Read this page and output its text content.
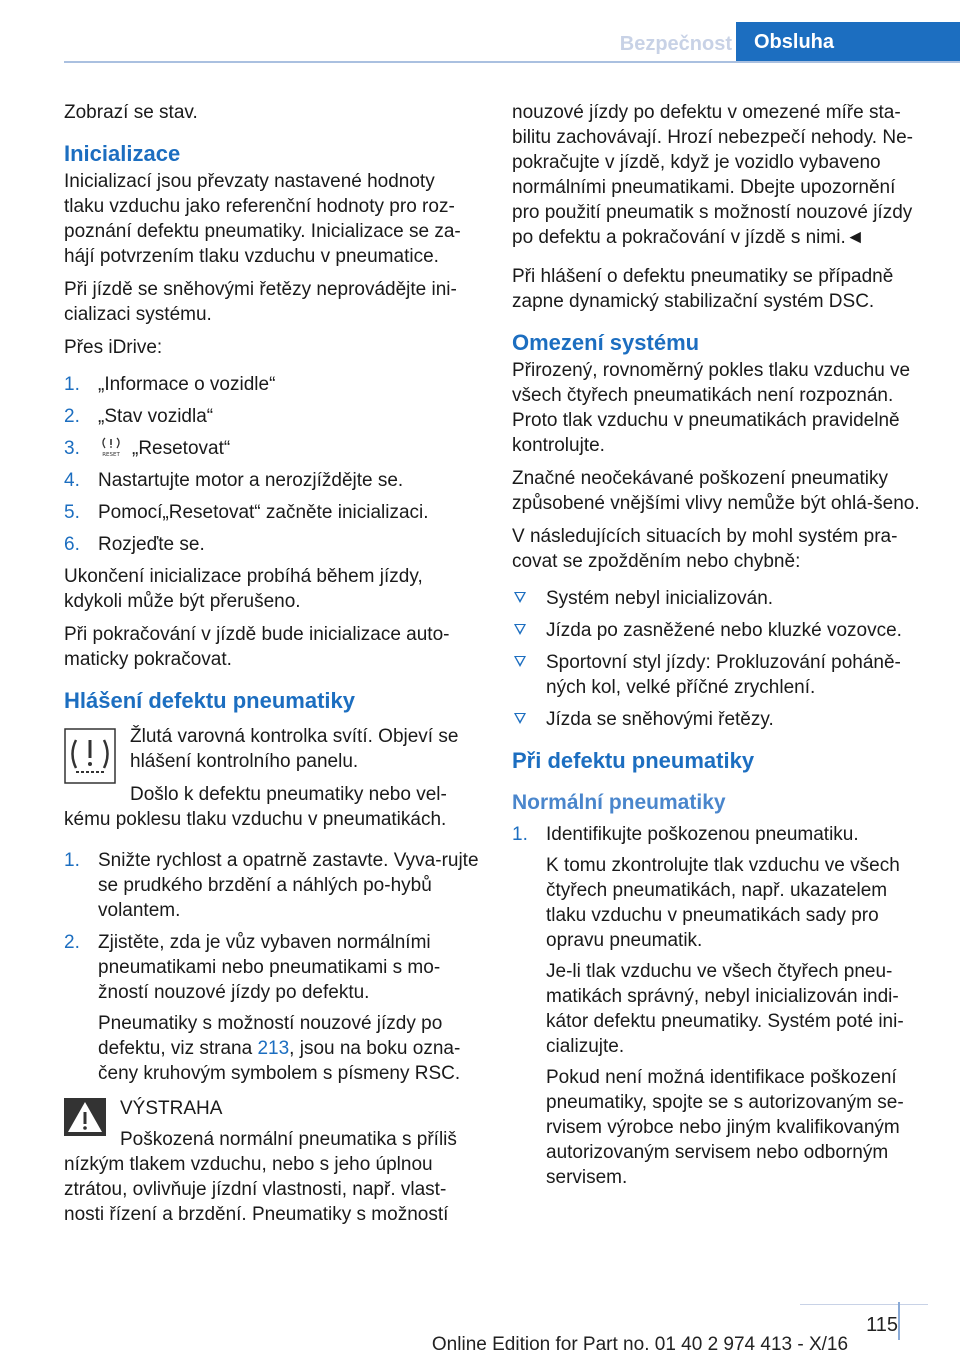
Bezpečnost	Obsluha

Zobrazí se stav.

Inicializace

Inicializací jsou převzaty nastavené hodnoty tlaku vzduchu jako referenční hodnoty pro roz‐poznání defektu pneumatiky. Inicializace se za‐hájí potvrzením tlaku vzduchu v pneumatice.

Při jízdě se sněhovými řetězy neprovádějte ini‐cializaci systému.

Přes iDrive:

1. „Informace o vozidle“
2. „Stav vozidla“
3.	RESET „Resetovat“
4. Nastartujte motor a nerozjíždějte se.
5. Pomocí„Resetovat“ začněte inicializaci.
6. Rozjeďte se.

Ukončení inicializace probíhá během jízdy, kdykoli může být přerušeno.

Při pokračování v jízdě bude inicializace auto‐maticky pokračovat.

Hlášení defektu pneumatiky

Žlutá varovná kontrolka svítí. Objeví se hlášení kontrolního panelu.

Došlo k defektu pneumatiky nebo vel‐kému poklesu tlaku vzduchu v pneumatikách.

1. Snižte rychlost a opatrně zastavte. Vyva‐rujte se prudkého brzdění a náhlých po‐hybů volantem.
2. Zjistěte, zda je vůz vybaven normálními pneumatikami nebo pneumatikami s mo‐žností nouzové jízdy po defektu.
Pneumatiky s možností nouzové jízdy po defektu, viz strana 213, jsou na boku ozna‐čeny kruhovým symbolem s písmeny RSC.

VÝSTRAHA

Poškozená normální pneumatika s příliš nízkým tlakem vzduchu, nebo s jeho úplnou ztrátou, ovlivňuje jízdní vlastnosti, např. vlast‐nosti řízení a brzdění. Pneumatiky s možností

nouzové jízdy po defektu v omezené míře sta‐bilitu zachovávají. Hrozí nebezpečí nehody. Ne‐pokračujte v jízdě, když je vozidlo vybaveno normálními pneumatikami. Dbejte upozornění pro použití pneumatik s možností nouzové jízdy po defektu a pokračování v jízdě s nimi.◄

Při hlášení o defektu pneumatiky se případně zapne dynamický stabilizační systém DSC.

Omezení systému

Přirozený, rovnoměrný pokles tlaku vzduchu ve všech čtyřech pneumatikách není rozpoznán. Proto tlak vzduchu v pneumatikách pravidelně kontrolujte.

Značné neočekávané poškození pneumatiky způsobené vnějšími vlivy nemůže být ohlá‐šeno.

V následujících situacích by mohl systém pra‐covat se zpožděním nebo chybně:

Systém nebyl inicializován.
Jízda po zasněžené nebo kluzké vozovce.
Sportovní styl jízdy: Prokluzování poháně‐ných kol, velké příčné zrychlení.
Jízda se sněhovými řetězy.
Při defektu pneumatiky
Normální pneumatiky
1. Identifikujte poškozenou pneumatiku.
K tomu zkontrolujte tlak vzduchu ve všech čtyřech pneumatikách, např. ukazatelem tlaku vzduchu v pneumatikách sady pro opravu pneumatik.
Je-li tlak vzduchu ve všech čtyřech pneu‐matikách správný, nebyl inicializován indi‐kátor defektu pneumatiky. Systém poté ini‐cializujte.
Pokud není možná identifikace poškození pneumatiky, spojte se s autorizovaným se‐rvisem výrobce nebo jiným kvalifikovaným autorizovaným servisem nebo odborným servisem.
115
Online Edition for Part no. 01 40 2 974 413 - X/16
